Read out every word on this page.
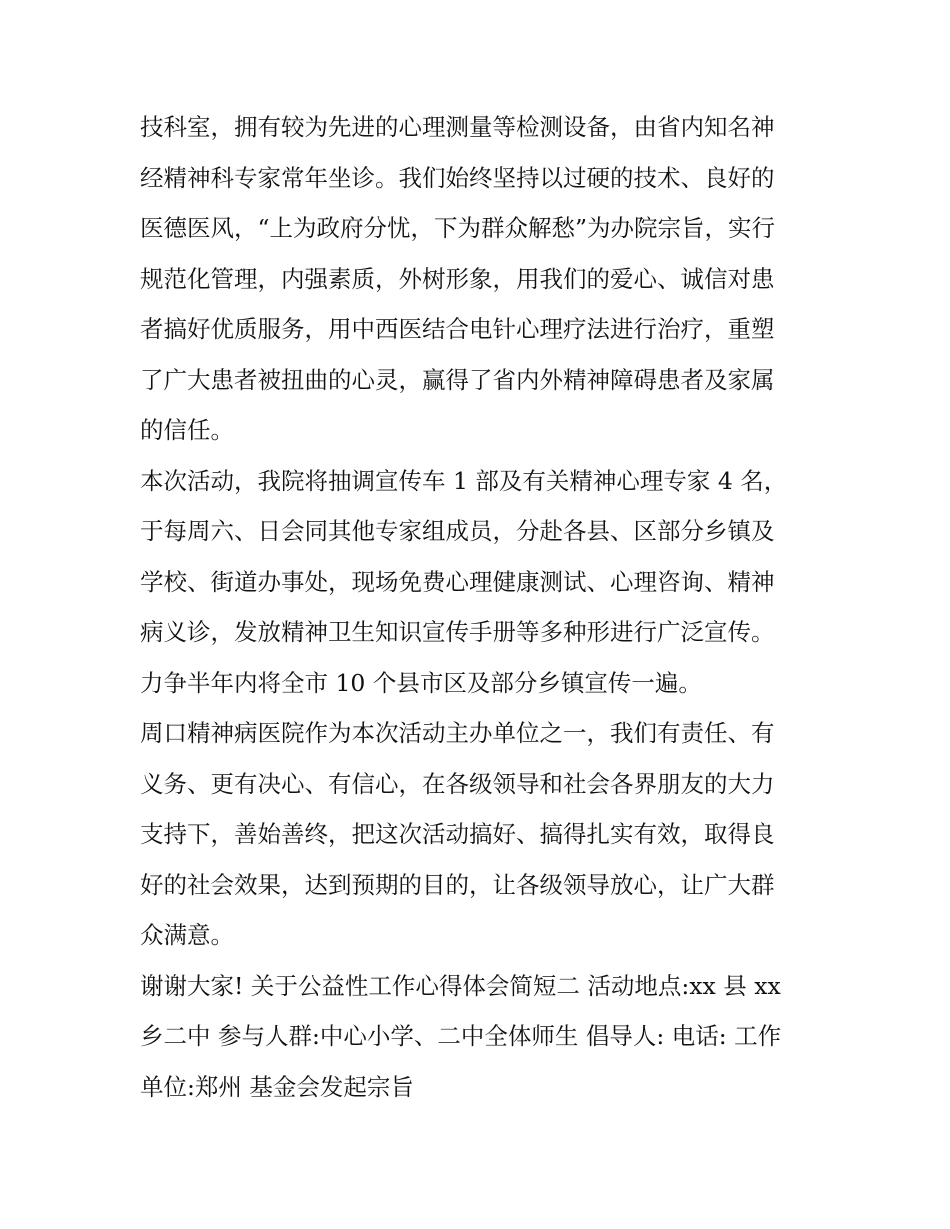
技科室，拥有较为先进的心理测量等检测设备，由省内知名神
经精神科专家常年坐诊。我们始终坚持以过硬的技术、良好的
医德医风，“上为政府分忧，下为群众解愁”为办院宗旨，实行
规范化管理，内强素质，外树形象，用我们的爱心、诚信对患
者搞好优质服务，用中西医结合电针心理疗法进行治疗，重塑
了广大患者被扭曲的心灵，赢得了省内外精神障碍患者及家属
的信任。
本次活动，我院将抽调宣传车 1 部及有关精神心理专家 4 名，
于每周六、日会同其他专家组成员，分赴各县、区部分乡镇及
学校、街道办事处，现场免费心理健康测试、心理咨询、精神
病义诊，发放精神卫生知识宣传手册等多种形进行广泛宣传。
力争半年内将全市 10 个县市区及部分乡镇宣传一遍。
周口精神病医院作为本次活动主办单位之一，我们有责任、有
义务、更有决心、有信心，在各级领导和社会各界朋友的大力
支持下，善始善终，把这次活动搞好、搞得扎实有效，取得良
好的社会效果，达到预期的目的，让各级领导放心，让广大群
众满意。
谢谢大家! 关于公益性工作心得体会简短二 活动地点:xx 县 xx
乡二中 参与人群:中心小学、二中全体师生 倡导人: 电话: 工作
单位:郑州 基金会发起宗旨
